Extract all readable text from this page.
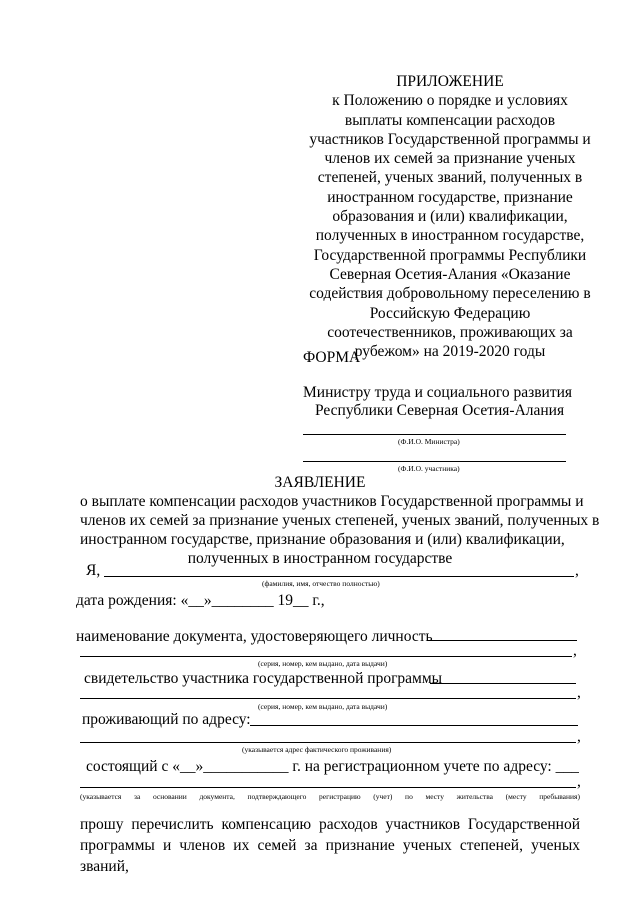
ПРИЛОЖЕНИЕ
к Положению о порядке и условиях
выплаты компенсации расходов
участников Государственной программы и
членов их семей за признание ученых
степеней, ученых званий, полученных в
иностранном государстве, признание
образования и (или) квалификации,
полученных в иностранном государстве,
Государственной программы Республики
Северная Осетия-Алания «Оказание
содействия добровольному переселению в
Российскую Федерацию
соотечественников, проживающих за
рубежом» на 2019-2020 годы
ФОРМА
Министру труда и социального развития
Республики Северная Осетия-Алания
(Ф.И.О. Министра)
(Ф.И.О. участника)
ЗАЯВЛЕНИЕ
о выплате компенсации расходов участников Государственной программы и
членов их семей за признание ученых степеней, ученых званий, полученных в
иностранном государстве, признание образования и (или) квалификации,
полученных в иностранном государстве
Я,	,
(фамилия, имя, отчество полностью)
дата рождения: «__»________ 19__ г.,
наименование документа, удостоверяющего личность
,
(серия, номер, кем выдано, дата выдачи)
свидетельство участника государственной программы
,
(серия, номер, кем выдано, дата выдачи)
проживающий по адресу:
,
(указывается адрес фактического проживания)
состоящий с «__»___________ г. на регистрационном учете по адресу: ___
,
(указывается за основании документа, подтверждающего регистрацию (учет) по месту жительства (месту пребывания)
прошу перечислить компенсацию расходов участников Государственной
программы и членов их семей за признание ученых степеней, ученых званий,
